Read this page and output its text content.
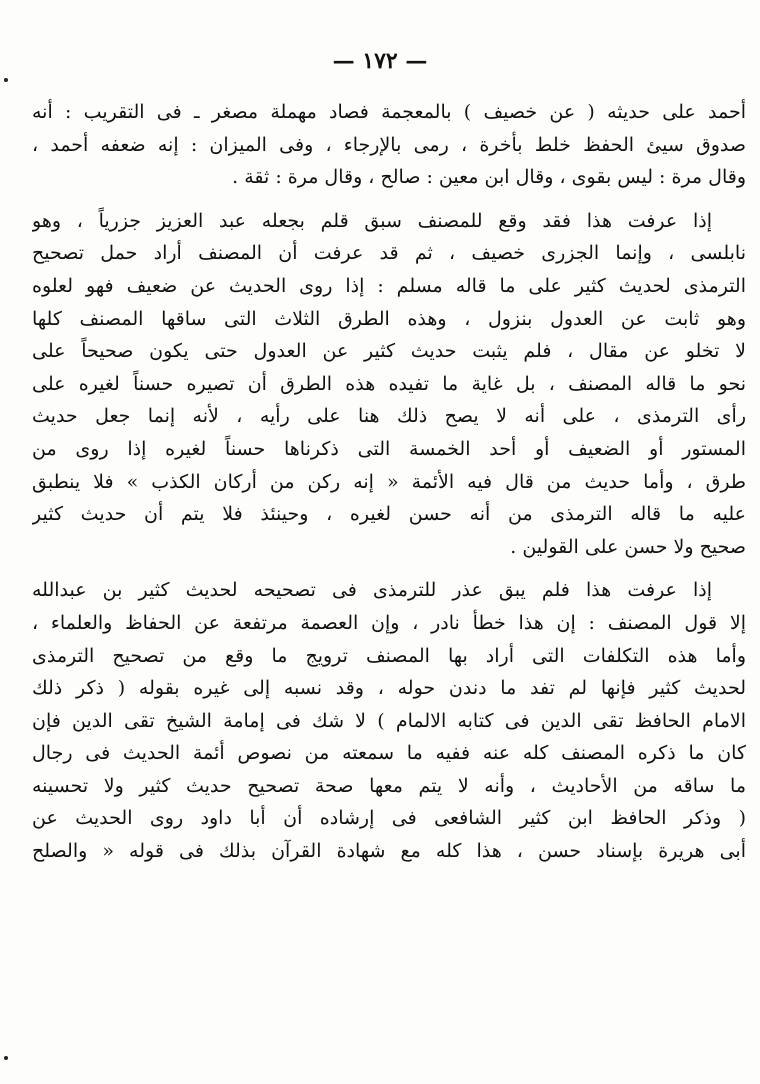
— ١٧٢ —
أحمد على حديثه ( عن خصيف ) بالمعجمة فصاد مهملة مصغر ـ فى التقريب : أنه
صدوق سيئ الحفظ خلط بأخرة ، رمى بالإرجاء ، وفى الميزان : إنه ضعفه أحمد ،
وقال مرة : ليس بقوى ، وقال ابن معين : صالح ، وقال مرة : ثقة .
إذا عرفت هذا فقد وقع للمصنف سبق قلم بجعله عبد العزيز جزرياً ، وهو
نابلسى ، وإنما الجزرى خصيف ، ثم قد عرفت أن المصنف أراد حمل تصحيح
الترمذى لحديث كثير على ما قاله مسلم : إذا روى الحديث عن ضعيف فهو لعلوه
وهو ثابت عن العدول بنزول ، وهذه الطرق الثلاث التى ساقها المصنف كلها
لا تخلو عن مقال ، فلم يثبت حديث كثير عن العدول حتى يكون صحيحاً على
نحو ما قاله المصنف ، بل غاية ما تفيده هذه الطرق أن تصيره حسناً لغيره على
رأى الترمذى ، على أنه لا يصح ذلك هنا على رأيه ، لأنه إنما جعل حديث
المستور أو الضعيف أو أحد الخمسة التى ذكرناها حسناً لغيره إذا روى من
طرق ، وأما حديث من قال فيه الأئمة « إنه ركن من أركان الكذب » فلا ينطبق
عليه ما قاله الترمذى من أنه حسن لغيره ، وحينئذ فلا يتم أن حديث كثير
صحيح ولا حسن على القولين .
إذا عرفت هذا فلم يبق عذر للترمذى فى تصحيحه لحديث كثير بن عبدالله
إلا قول المصنف : إن هذا خطأ نادر ، وإن العصمة مرتفعة عن الحفاظ والعلماء ،
وأما هذه التكلفات التى أراد بها المصنف ترويج ما وقع من تصحيح الترمذى
لحديث كثير فإنها لم تفد ما دندن حوله ، وقد نسبه إلى غيره بقوله ( ذكر ذلك
الامام الحافظ تقى الدين فى كتابه الالمام ) لا شك فى إمامة الشيخ تقى الدين فإن
كان ما ذكره المصنف كله عنه ففيه ما سمعته من نصوص أئمة الحديث فى رجال
ما ساقه من الأحاديث ، وأنه لا يتم معها صحة تصحيح حديث كثير ولا تحسينه
( وذكر الحافظ ابن كثير الشافعى فى إرشاده أن أبا داود روى الحديث عن
أبى هريرة بإسناد حسن ، هذا كله مع شهادة القرآن بذلك فى قوله « والصلح
